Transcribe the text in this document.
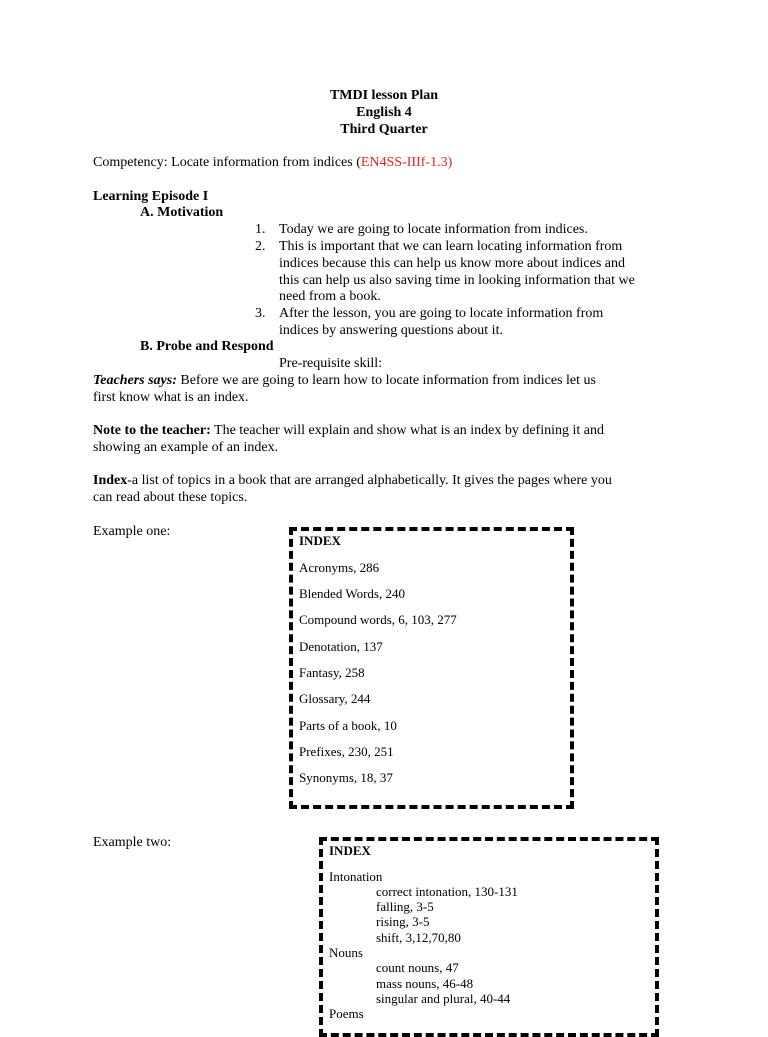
TMDI lesson Plan
English 4
Third Quarter
Competency: Locate information from indices (EN4SS-IIIf-1.3)
Learning Episode I
A. Motivation
1. Today we are going to locate information from indices.
2. This is important that we can learn locating information from
indices because this can help us know more about indices and
this can help us also saving time in looking information that we
need from a book.
3. After the lesson, you are going to locate information from
indices by answering questions about it.
B. Probe and Respond
Pre-requisite skill:
Teachers says: Before we are going to learn how to locate information from indices let us
first know what is an index.
Note to the teacher: The teacher will explain and show what is an index by defining it and
showing an example of an index.
Index-a list of topics in a book that are arranged alphabetically. It gives the pages where you
can read about these topics.
Example one:
INDEX
Acronyms, 286
Blended Words, 240
Compound words, 6, 103, 277
Denotation, 137
Fantasy, 258
Glossary, 244
Parts of a book, 10
Prefixes, 230, 251
Synonyms, 18, 37
Example two:
INDEX
Intonation
correct intonation, 130-131
falling, 3-5
rising, 3-5
shift, 3,12,70,80
Nouns
count nouns, 47
mass nouns, 46-48
singular and plural, 40-44
Poems
